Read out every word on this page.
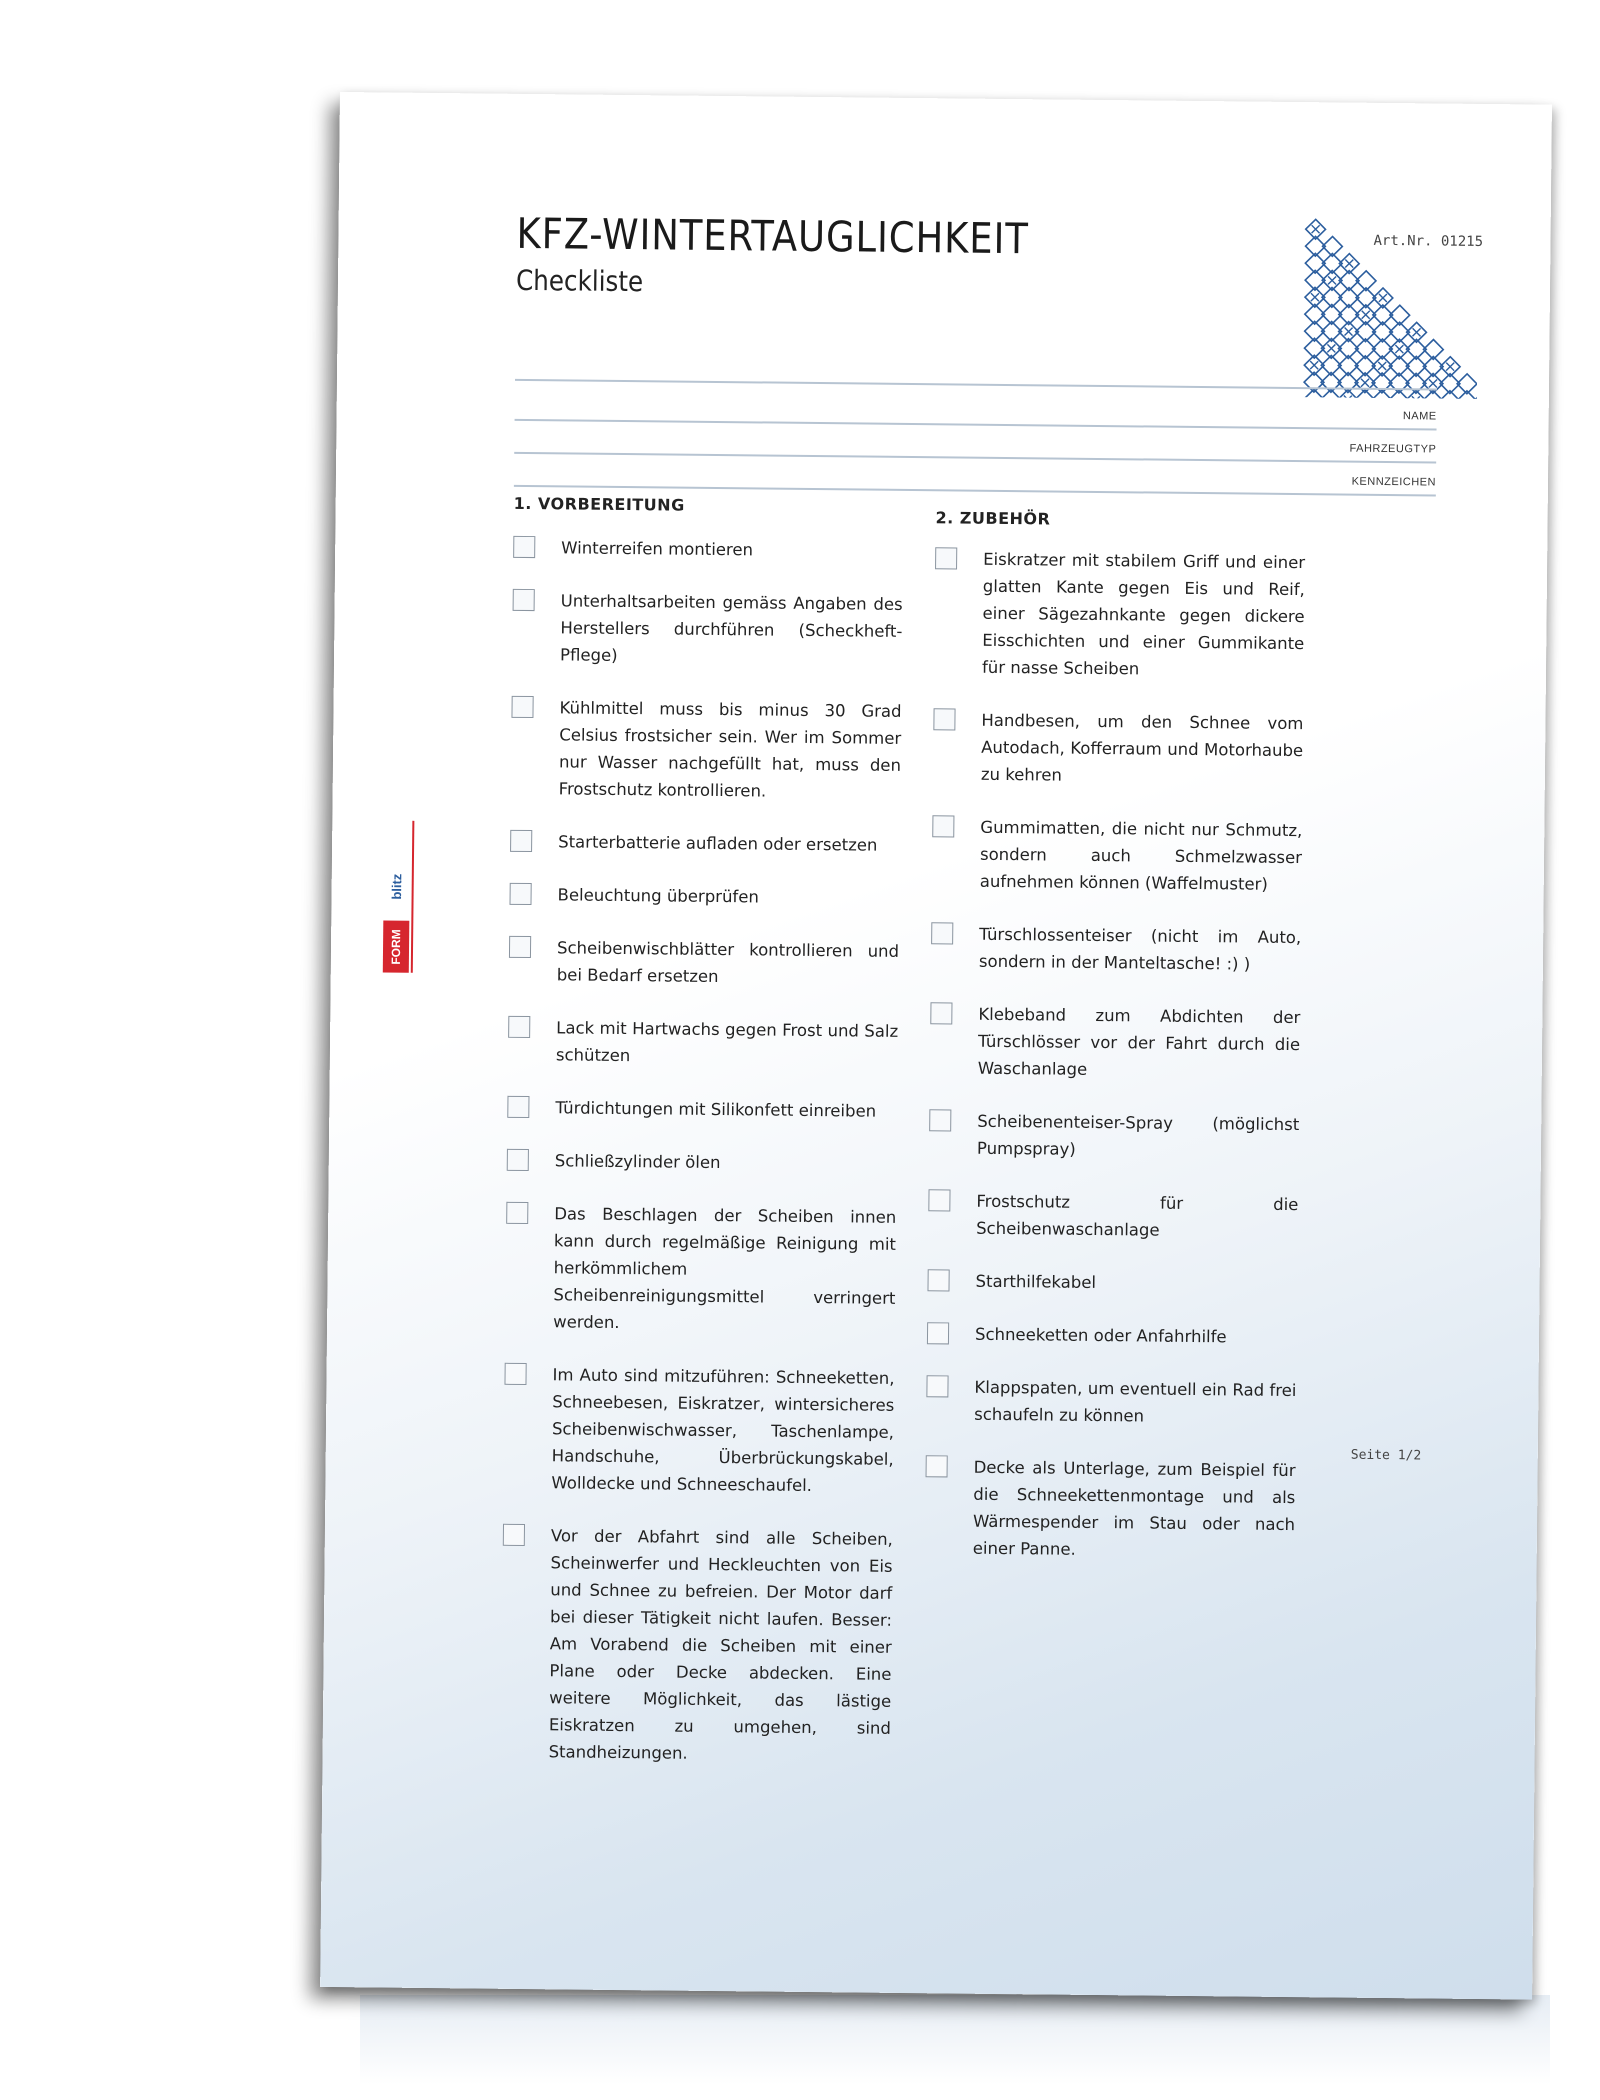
blitz
FORM
KFZ-WINTERTAUGLICHKEIT
Checkliste
Art.Nr. 01215
NAME
FAHRZEUGTYP
KENNZEICHEN
1. VORBEREITUNG
2. ZUBEHÖR
Winterreifen montieren
Unterhaltsarbeiten gemäss Angaben des Herstellers durchführen (Scheckheft-Pflege)
Kühlmittel muss bis minus 30 Grad Celsius frostsicher sein. Wer im Sommer nur Wasser nachgefüllt hat, muss den Frostschutz kontrollieren.
Starterbatterie aufladen oder ersetzen
Beleuchtung überprüfen
Scheibenwischblätter kontrollieren und bei Bedarf ersetzen
Lack mit Hartwachs gegen Frost und Salz schützen
Türdichtungen mit Silikonfett einreiben
Schließzylinder ölen
Das Beschlagen der Scheiben innen kann durch regelmäßige Reinigung mit herkömmlichem Scheibenreinigungsmittel verringert werden.
Im Auto sind mitzuführen: Schneeketten, Schneebesen, Eiskratzer, wintersicheres Scheibenwischwasser, Taschenlampe, Handschuhe, Überbrückungskabel, Wolldecke und Schneeschaufel.
Vor der Abfahrt sind alle Scheiben, Scheinwerfer und Heckleuchten von Eis und Schnee zu befreien. Der Motor darf bei dieser Tätigkeit nicht laufen. Besser: Am Vorabend die Scheiben mit einer Plane oder Decke abdecken. Eine weitere Möglichkeit, das lästige Eiskratzen zu umgehen, sind Standheizungen.
Eiskratzer mit stabilem Griff und einer glatten Kante gegen Eis und Reif, einer Sägezahnkante gegen dickere Eisschichten und einer Gummikante für nasse Scheiben
Handbesen, um den Schnee vom Autodach, Kofferraum und Motorhaube zu kehren
Gummimatten, die nicht nur Schmutz, sondern auch Schmelzwasser aufnehmen können (Waffelmuster)
Türschlossenteiser (nicht im Auto, sondern in der Manteltasche! :) )
Klebeband zum Abdichten der Türschlösser vor der Fahrt durch die Waschanlage
Scheibenenteiser-Spray (möglichst Pumpspray)
Frostschutz für die Scheibenwaschanlage
Starthilfekabel
Schneeketten oder Anfahrhilfe
Klappspaten, um eventuell ein Rad frei schaufeln zu können
Decke als Unterlage, zum Beispiel für die Schneekettenmontage und als Wärmespender im Stau oder nach einer Panne.
Seite 1/2
